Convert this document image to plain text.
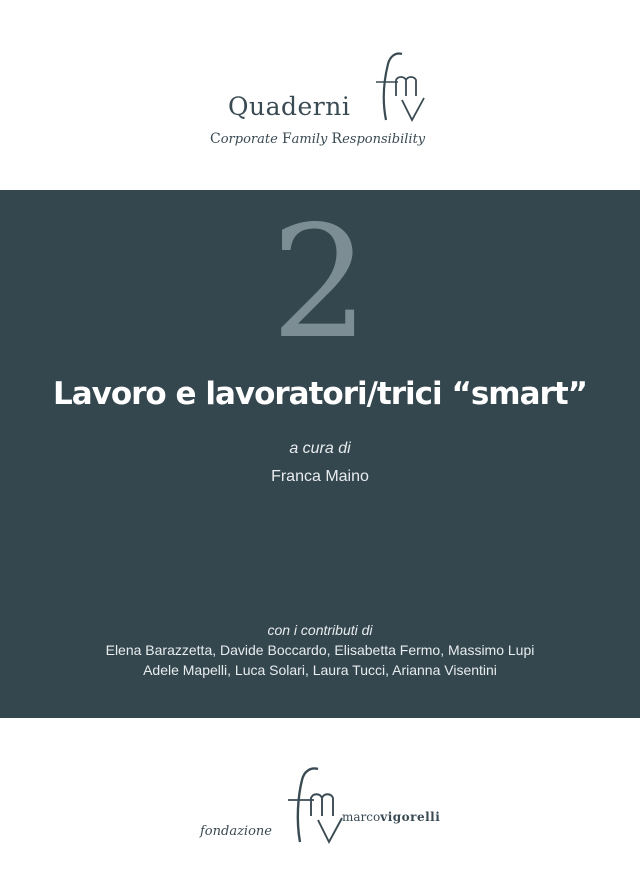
Quaderni
Corporate Family Responsibility
2
Lavoro e lavoratori/trici “smart”
a cura di
Franca Maino
con i contributi di
Elena Barazzetta, Davide Boccardo, Elisabetta Fermo, Massimo Lupi
Adele Mapelli, Luca Solari, Laura Tucci, Arianna Visentini
fondazione
marcovigorelli
